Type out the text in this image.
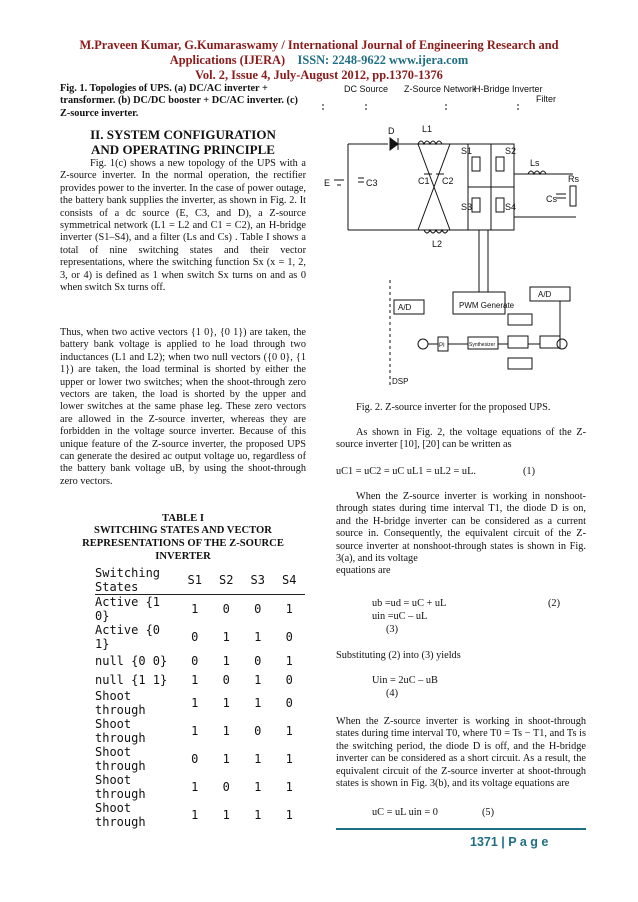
M.Praveen Kumar, G.Kumaraswamy / International Journal of Engineering Research and
Applications (IJERA) ISSN: 2248-9622 www.ijera.com
Vol. 2, Issue 4, July-August 2012, pp.1370-1376
Fig. 1. Topologies of UPS. (a) DC/AC inverter + transformer. (b) DC/DC booster + DC/AC inverter. (c) Z-source inverter.
II. SYSTEM CONFIGURATION AND OPERATING PRINCIPLE
Fig. 1(c) shows a new topology of the UPS with a Z-source inverter. In the normal operation, the rectifier provides power to the inverter. In the case of power outage, the battery bank supplies the inverter, as shown in Fig. 2. It consists of a dc source (E, C3, and D), a Z-source symmetrical network (L1 = L2 and C1 = C2), an H-bridge inverter (S1–S4), and a filter (Ls and Cs) . Table I shows a total of nine switching states and their vector representations, where the switching function Sx (x = 1, 2, 3, or 4) is defined as 1 when switch Sx turns on and as 0 when switch Sx turns off.
Thus, when two active vectors {1 0}, {0 1}) are taken, the battery bank voltage is applied to he load through two inductances (L1 and L2); when two null vectors ({0 0}, {1 1}) are taken, the load terminal is shorted by either the upper or lower two switches; when the shoot-through zero vectors are taken, the load is shorted by the upper and lower switches at the same phase leg. These zero vectors are allowed in the Z-source inverter, whereas they are forbidden in the voltage source inverter. Because of this unique feature of the Z-source inverter, the proposed UPS can generate the desired ac output voltage uo, regardless of the battery bank voltage uB, by using the shoot-through zero vectors.
TABLE I
SWITCHING STATES AND VECTOR REPRESENTATIONS OF THE Z-SOURCE INVERTER
Switching States	S1	S2	S3	S4
Active {1 0}	1	0	0	1
Active {0 1}	0	1	1	0
null {0 0}	0	1	0	1
null {1 1}	1	0	1	0
Shoot through	1	1	1	0
Shoot through	1	1	0	1
Shoot through	0	1	1	1
Shoot through	1	0	1	1
Shoot through	1	1	1	1
DC Source Z-Source Network
H-Bridge Inverter
Filter
D	L1
L2
C1 C2
E	C3
S1	S2
S3	S4
Ls
Cs
Rs
A/D	PWM Generate
A/D
PI	Synthesizer
DSP
Fig. 2. Z-source inverter for the proposed UPS.
As shown in Fig. 2, the voltage equations of the Z-source inverter [10], [20] can be written as
uC1 = uC2 = uC uL1 = uL2 = uL.	(1)
When the Z-source inverter is working in nonshoot-through states during time interval T1, the diode D is on, and the H-bridge inverter can be considered as a current source in. Consequently, the equivalent circuit of the Z-source inverter at nonshoot-through states is shown in Fig. 3(a), and its voltage
equations are
ub =ud = uC + uL	(2)
uin =uC – uL
(3)
Substituting (2) into (3) yields
Uin = 2uC – uB
(4)
When the Z-source inverter is working in shoot-through states during time interval T0, where T0 = Ts − T1, and Ts is the switching period, the diode D is off, and the H-bridge inverter can be considered as a short circuit. As a result, the equivalent circuit of the Z-source inverter at shoot-through states is shown in Fig. 3(b), and its voltage equations are
uC = uL uin = 0	(5)
1371 | P a g e
